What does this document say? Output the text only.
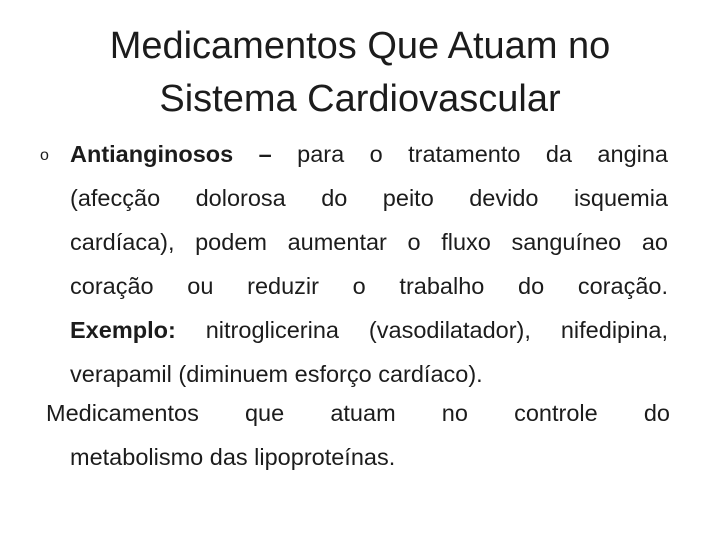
Medicamentos Que Atuam no
Sistema Cardiovascular
o Antianginosos – para o tratamento da angina
(afecção dolorosa do peito devido isquemia
cardíaca), podem aumentar o fluxo sanguíneo ao
coração ou reduzir o trabalho do coração.
Exemplo: nitroglicerina (vasodilatador), nifedipina,
verapamil (diminuem esforço cardíaco).
Medicamentos que atuam no controle do
metabolismo das lipoproteínas.
